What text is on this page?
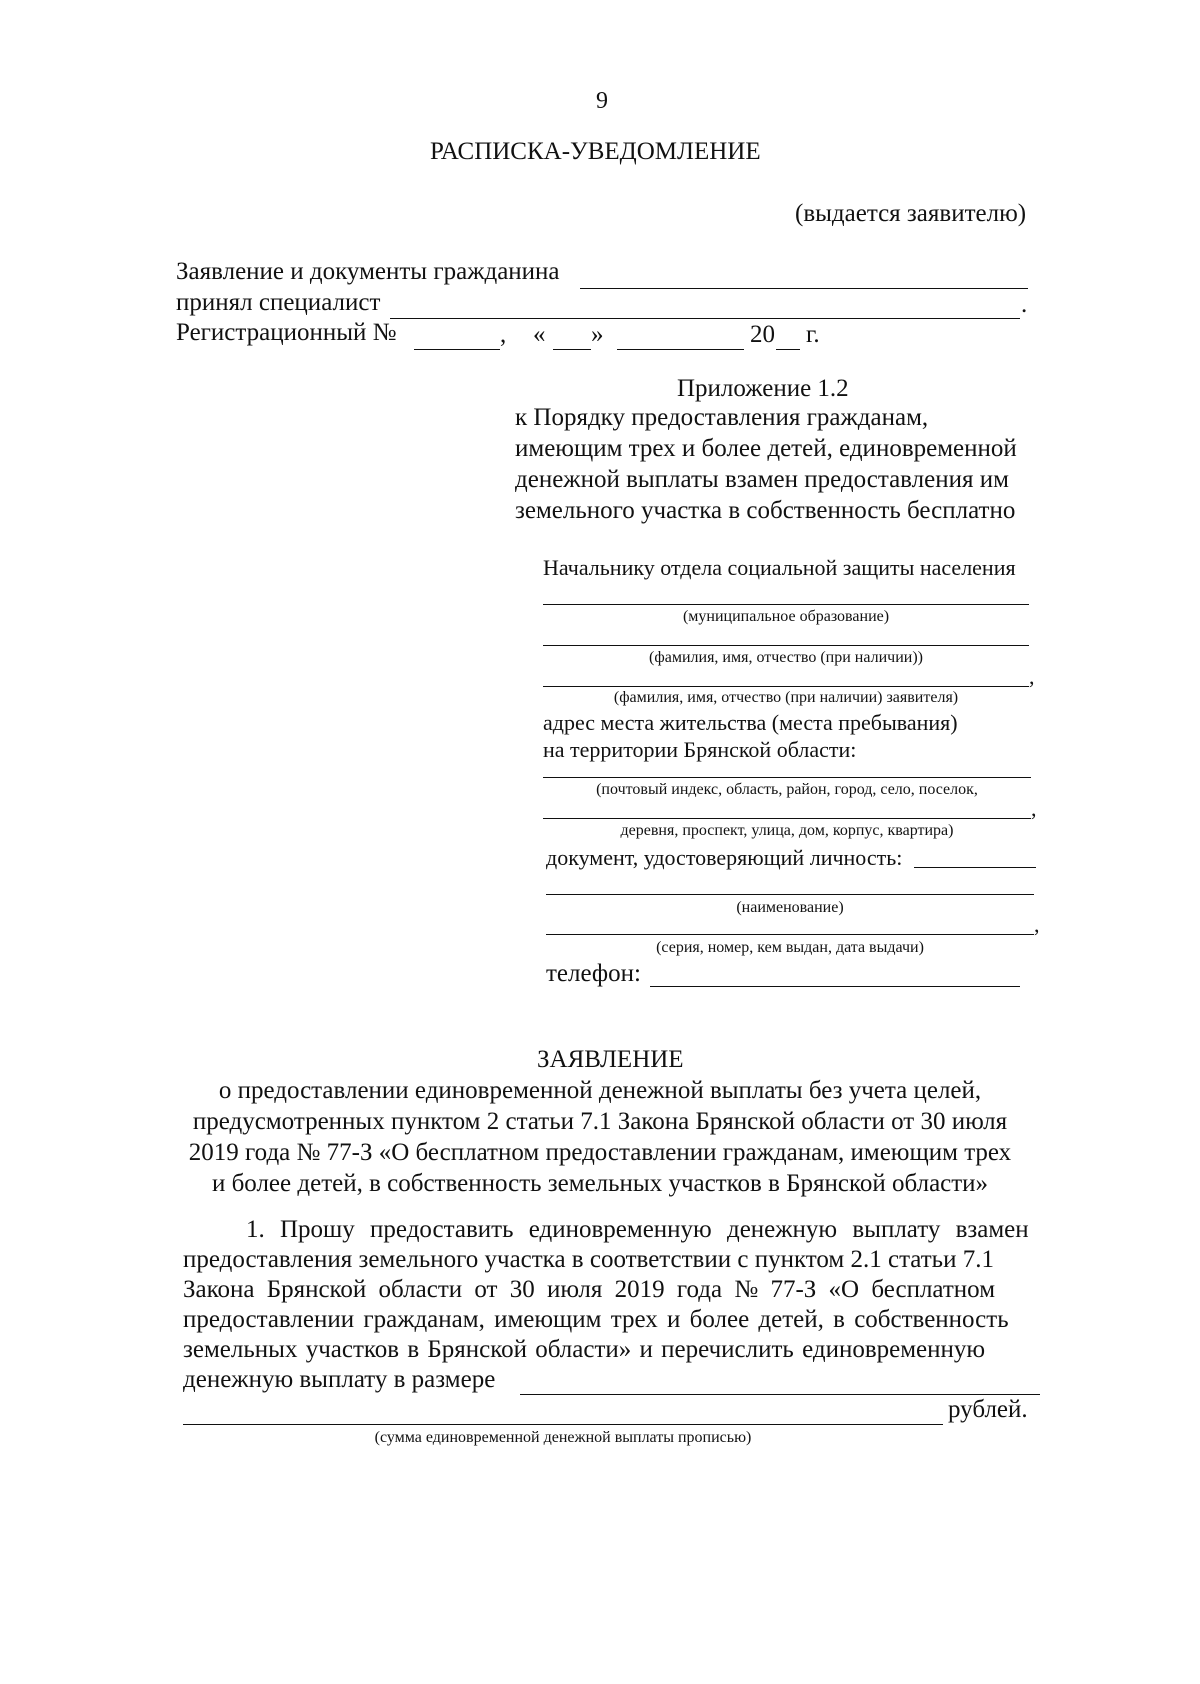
9
РАСПИСКА-УВЕДОМЛЕНИЕ
(выдается заявителю)
Заявление и документы гражданина
принял специалист	.
Регистрационный №	, « »	20 г.
Приложение 1.2
к Порядку предоставления гражданам,
имеющим трех и более детей, единовременной
денежной выплаты взамен предоставления им
земельного участка в собственность бесплатно
Начальнику отдела социальной защиты населения
(муниципальное образование)
(фамилия, имя, отчество (при наличии))
,
(фамилия, имя, отчество (при наличии) заявителя)
адрес места жительства (места пребывания)
на территории Брянской области:
(почтовый индекс, область, район, город, село, поселок,
,
деревня, проспект, улица, дом, корпус, квартира)
документ, удостоверяющий личность:
(наименование)
,
(серия, номер, кем выдан, дата выдачи)
телефон:
ЗАЯВЛЕНИЕ
о предоставлении единовременной денежной выплаты без учета целей,
предусмотренных пунктом 2 статьи 7.1 Закона Брянской области от 30 июля
2019 года № 77-З «О бесплатном предоставлении гражданам, имеющим трех
и более детей, в собственность земельных участков в Брянской области»
1. Прошу предоставить единовременную денежную выплату взамен
предоставления земельного участка в соответствии с пунктом 2.1 статьи 7.1
Закона Брянской области от 30 июля 2019 года № 77-З «О бесплатном
предоставлении гражданам, имеющим трех и более детей, в собственность
земельных участков в Брянской области» и перечислить единовременную
денежную выплату в размере
рублей.
(сумма единовременной денежной выплаты прописью)
